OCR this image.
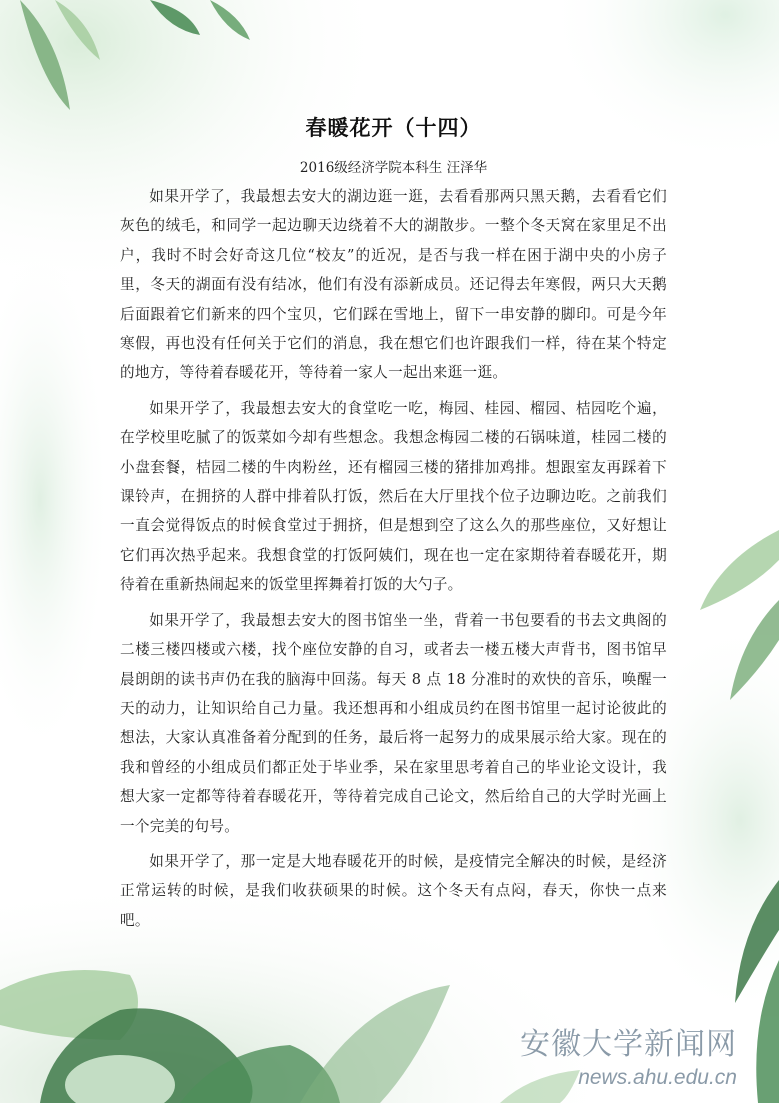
春暖花开（十四）
2016级经济学院本科生 汪泽华

如果开学了，我最想去安大的湖边逛一逛，去看看那两只黑天鹅，去看看它们灰色的绒毛，和同学一起边聊天边绕着不大的湖散步。一整个冬天窝在家里足不出户，我时不时会好奇这几位“校友”的近况，是否与我一样在困于湖中央的小房子里，冬天的湖面有没有结冰，他们有没有添新成员。还记得去年寒假，两只大天鹅后面跟着它们新来的四个宝贝，它们踩在雪地上，留下一串安静的脚印。可是今年寒假，再也没有任何关于它们的消息，我在想它们也许跟我们一样，待在某个特定的地方，等待着春暖花开，等待着一家人一起出来逛一逛。

如果开学了，我最想去安大的食堂吃一吃，梅园、桂园、榴园、桔园吃个遍，在学校里吃腻了的饭菜如今却有些想念。我想念梅园二楼的石锅味道，桂园二楼的小盘套餐，桔园二楼的牛肉粉丝，还有榴园三楼的猪排加鸡排。想跟室友再踩着下课铃声，在拥挤的人群中排着队打饭，然后在大厅里找个位子边聊边吃。之前我们一直会觉得饭点的时候食堂过于拥挤，但是想到空了这么久的那些座位，又好想让它们再次热乎起来。我想食堂的打饭阿姨们，现在也一定在家期待着春暖花开，期待着在重新热闹起来的饭堂里挥舞着打饭的大勺子。

如果开学了，我最想去安大的图书馆坐一坐，背着一书包要看的书去文典阁的二楼三楼四楼或六楼，找个座位安静的自习，或者去一楼五楼大声背书，图书馆早晨朗朗的读书声仍在我的脑海中回荡。每天 8 点 18 分准时的欢快的音乐，唤醒一天的动力，让知识给自己力量。我还想再和小组成员约在图书馆里一起讨论彼此的想法，大家认真准备着分配到的任务，最后将一起努力的成果展示给大家。现在的我和曾经的小组成员们都正处于毕业季，呆在家里思考着自己的毕业论文设计，我想大家一定都等待着春暖花开，等待着完成自己论文，然后给自己的大学时光画上一个完美的句号。

如果开学了，那一定是大地春暖花开的时候，是疫情完全解决的时候，是经济正常运转的时候，是我们收获硕果的时候。这个冬天有点闷，春天，你快一点来吧。

安徽大学新闻网
news.ahu.edu.cn
